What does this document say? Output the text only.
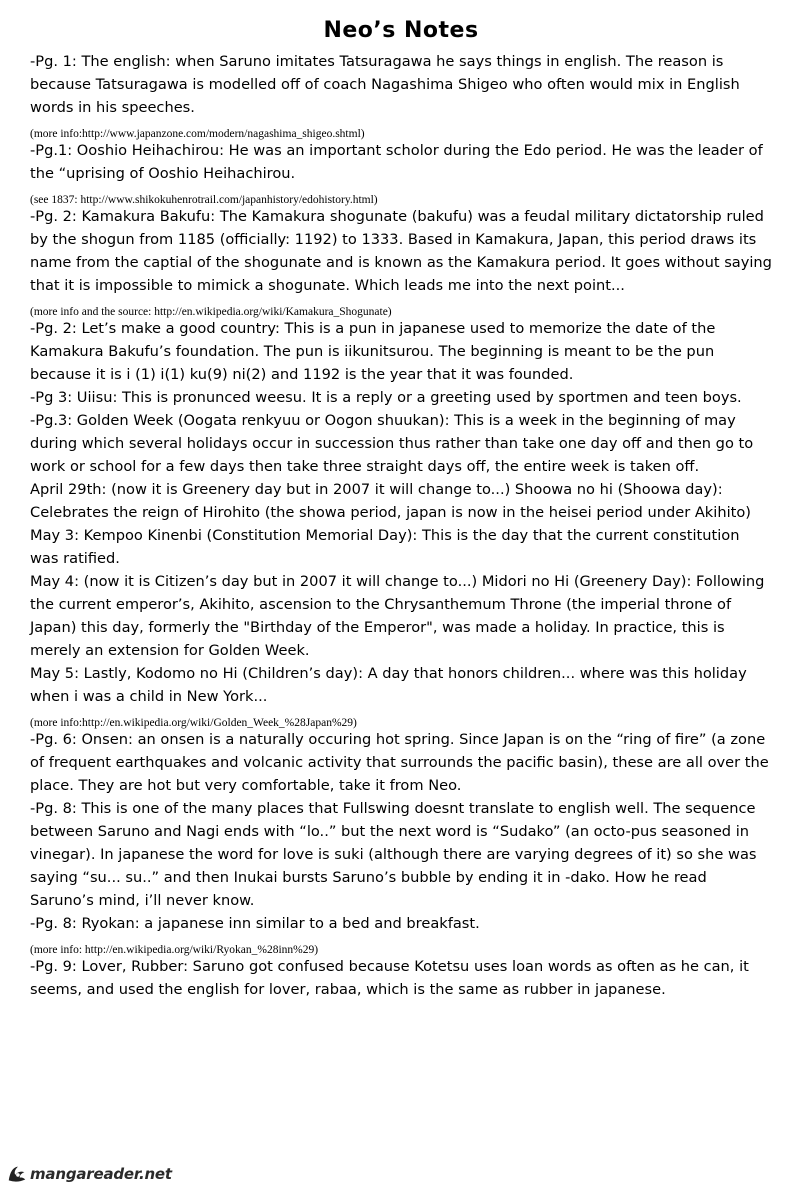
Neo’s Notes

-Pg. 1: The english: when Saruno imitates Tatsuragawa he says things in english. The reason is because Tatsuragawa is modelled off of coach Nagashima Shigeo who often would mix in English words in his speeches.

(more info:http://www.japanzone.com/modern/nagashima_shigeo.shtml)

-Pg.1: Ooshio Heihachirou: He was an important scholor during the Edo period. He was the leader of the “uprising of Ooshio Heihachirou.

(see 1837: http://www.shikokuhenrotrail.com/japanhistory/edohistory.html)

-Pg. 2: Kamakura Bakufu: The Kamakura shogunate (bakufu) was a feudal military dictatorship ruled by the shogun from 1185 (officially: 1192) to 1333. Based in Kamakura, Japan, this period draws its name from the captial of the shogunate and is known as the Kamakura period. It goes without saying that it is impossible to mimick a shogunate. Which leads me into the next point...

(more info and the source: http://en.wikipedia.org/wiki/Kamakura_Shogunate)

-Pg. 2: Let’s make a good country: This is a pun in japanese used to memorize the date of the Kamakura Bakufu’s foundation. The pun is iikunitsurou. The beginning is meant to be the pun because it is i (1) i(1) ku(9) ni(2) and 1192 is the year that it was founded.

-Pg 3: Uiisu: This is pronunced weesu. It is a reply or a greeting used by sportmen and teen boys.

-Pg.3: Golden Week (Oogata renkyuu or Oogon shuukan): This is a week in the beginning of may during which several holidays occur in succession thus rather than take one day off and then go to work or school for a few days then take three straight days off, the entire week is taken off.

April 29th: (now it is Greenery day but in 2007 it will change to...) Shoowa no hi (Shoowa day): Celebrates the reign of Hirohito (the showa period, japan is now in the heisei period under Akihito)

May 3: Kempoo Kinenbi (Constitution Memorial Day): This is the day that the current constitution was ratified.

May 4: (now it is Citizen’s day but in 2007 it will change to...) Midori no Hi (Greenery Day): Following the current emperor’s, Akihito, ascension to the Chrysanthemum Throne (the imperial throne of Japan) this day, formerly the "Birthday of the Emperor", was made a holiday. In practice, this is merely an extension for Golden Week.

May 5: Lastly, Kodomo no Hi (Children’s day): A day that honors children... where was this holiday when i was a child in New York...

(more info:http://en.wikipedia.org/wiki/Golden_Week_%28Japan%29)

-Pg. 6: Onsen: an onsen is a naturally occuring hot spring. Since Japan is on the “ring of fire” (a zone of frequent earthquakes and volcanic activity that surrounds the pacific basin), these are all over the place. They are hot but very comfortable, take it from Neo.

-Pg. 8: This is one of the many places that Fullswing doesnt translate to english well. The sequence between Saruno and Nagi ends with “lo..” but the next word is “Sudako” (an octo-pus seasoned in vinegar). In japanese the word for love is suki (although there are varying degrees of it) so she was saying “su... su..” and then Inukai bursts Saruno’s bubble by ending it in -dako. How he read Saruno’s mind, i’ll never know.

-Pg. 8: Ryokan: a japanese inn similar to a bed and breakfast.

(more info: http://en.wikipedia.org/wiki/Ryokan_%28inn%29)

-Pg. 9: Lover, Rubber: Saruno got confused because Kotetsu uses loan words as often as he can, it seems, and used the english for lover, rabaa, which is the same as rubber in japanese.

mangareader.net
